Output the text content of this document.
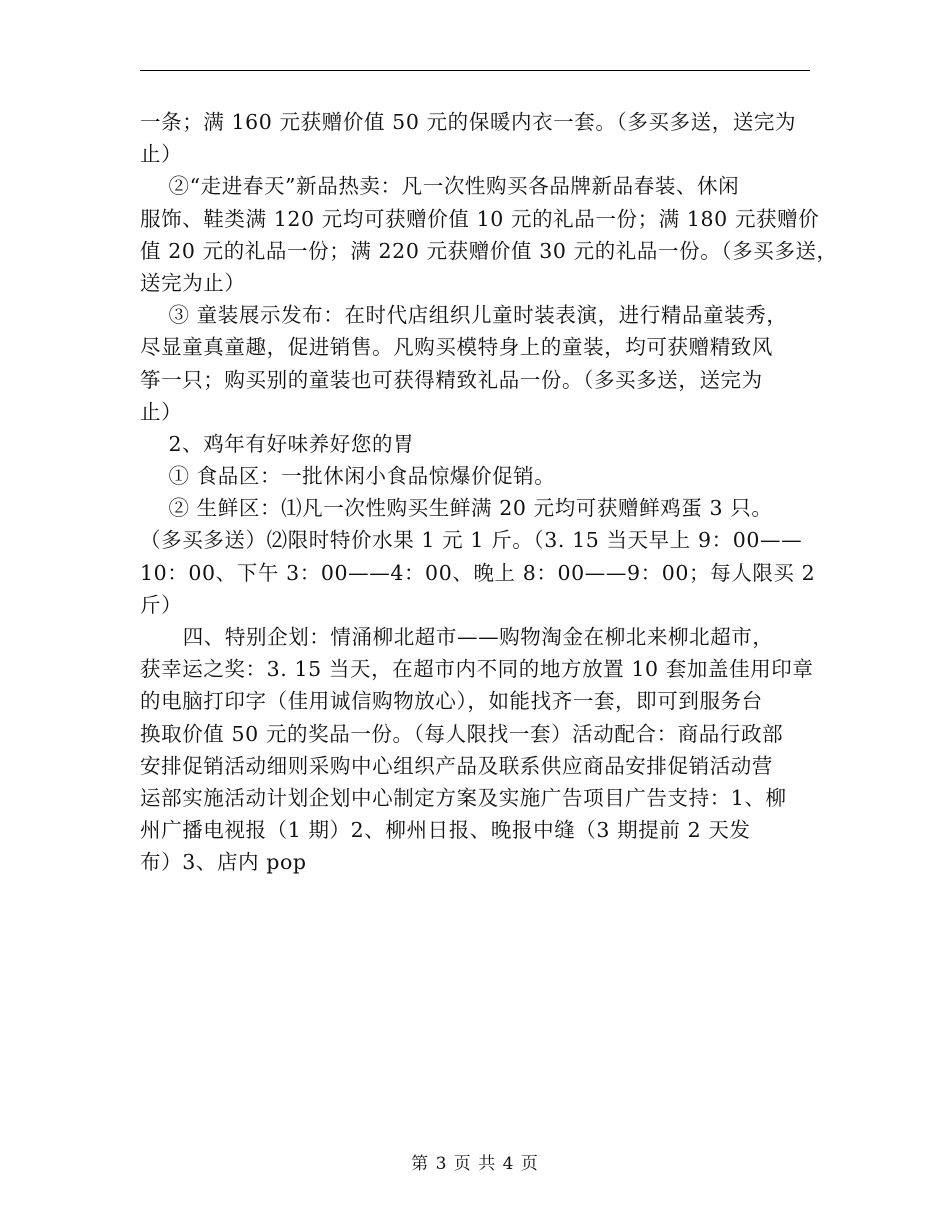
一条；满 160 元获赠价值 50 元的保暖内衣一套。（多买多送，送完为
止）
②“走进春天”新品热卖：凡一次性购买各品牌新品春装、休闲
服饰、鞋类满 120 元均可获赠价值 10 元的礼品一份；满 180 元获赠价
值 20 元的礼品一份；满 220 元获赠价值 30 元的礼品一份。（多买多送，
送完为止）
③ 童装展示发布：在时代店组织儿童时装表演，进行精品童装秀，
尽显童真童趣，促进销售。凡购买模特身上的童装，均可获赠精致风
筝一只；购买别的童装也可获得精致礼品一份。（多买多送，送完为
止）
2、鸡年有好味养好您的胃
① 食品区：一批休闲小食品惊爆价促销。
② 生鲜区：⑴凡一次性购买生鲜满 20 元均可获赠鲜鸡蛋 3 只。
（多买多送）⑵限时特价水果 1 元 1 斤。（3. 15 当天早上 9：00——
10：00、下午 3：00——4：00、晚上 8：00——9：00；每人限买 2
斤）
四、特别企划：情涌柳北超市——购物淘金在柳北来柳北超市，
获幸运之奖：3. 15 当天，在超市内不同的地方放置 10 套加盖佳用印章
的电脑打印字（佳用诚信购物放心），如能找齐一套，即可到服务台
换取价值 50 元的奖品一份。（每人限找一套）活动配合：商品行政部
安排促销活动细则采购中心组织产品及联系供应商品安排促销活动营
运部实施活动计划企划中心制定方案及实施广告项目广告支持：1、柳
州广播电视报（1 期）2、柳州日报、晚报中缝（3 期提前 2 天发
布）3、店内 pop
第 3 页 共 4 页
